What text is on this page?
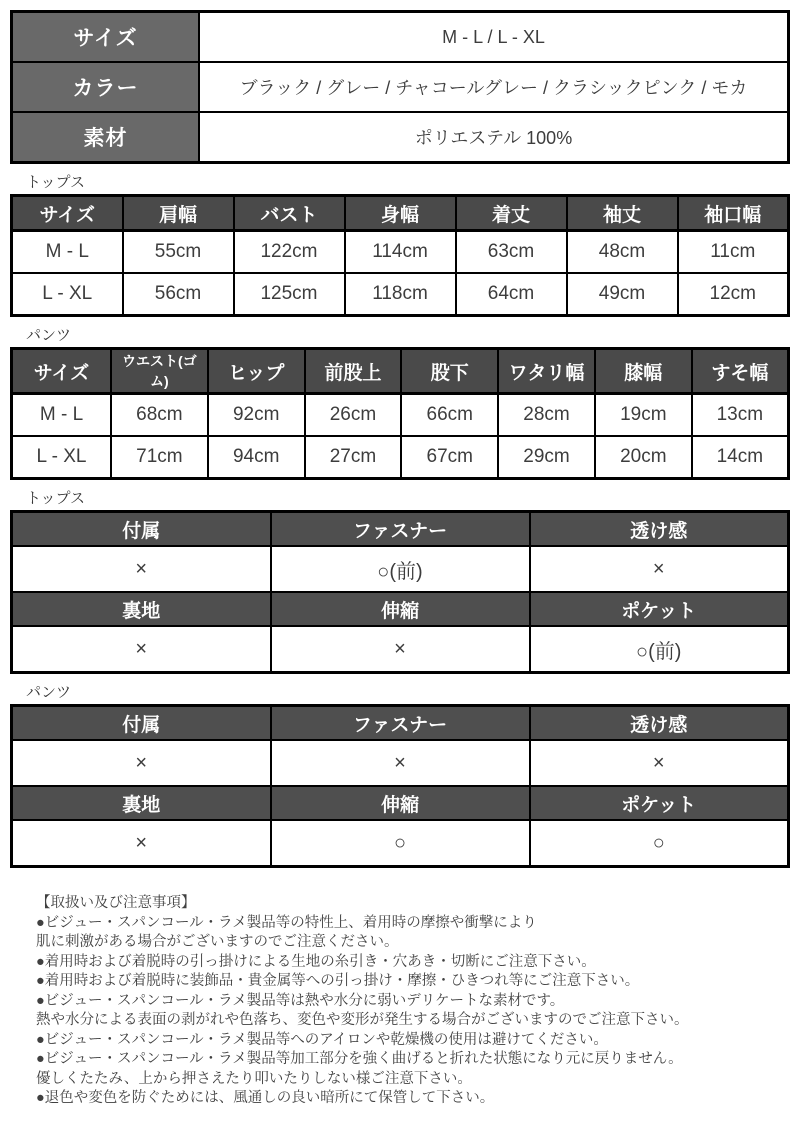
サイズ	M - L / L - XL
カラー	ブラック / グレー / チャコールグレー / クラシックピンク / モカ
素材	ポリエステル 100%
トップス
サイズ	肩幅	バスト	身幅	着丈	袖丈	袖口幅
M - L	55cm	122cm	114cm	63cm	48cm	11cm
L - XL	56cm	125cm	118cm	64cm	49cm	12cm
パンツ
サイズ	ウエスト(ゴム)	ヒップ	前股上	股下	ワタリ幅	膝幅	すそ幅
M - L	68cm	92cm	26cm	66cm	28cm	19cm	13cm
L - XL	71cm	94cm	27cm	67cm	29cm	20cm	14cm
トップス
付属	ファスナー	透け感
×	○(前)	×
裏地	伸縮	ポケット
×	×	○(前)
パンツ
付属	ファスナー	透け感
×	×	×
裏地	伸縮	ポケット
×	○	○
【取扱い及び注意事項】
●ビジュー・スパンコール・ラメ製品等の特性上、着用時の摩擦や衝撃により
肌に刺激がある場合がございますのでご注意ください。
●着用時および着脱時の引っ掛けによる生地の糸引き・穴あき・切断にご注意下さい。
●着用時および着脱時に装飾品・貴金属等への引っ掛け・摩擦・ひきつれ等にご注意下さい。
●ビジュー・スパンコール・ラメ製品等は熱や水分に弱いデリケートな素材です。
熱や水分による表面の剥がれや色落ち、変色や変形が発生する場合がございますのでご注意下さい。
●ビジュー・スパンコール・ラメ製品等へのアイロンや乾燥機の使用は避けてください。
●ビジュー・スパンコール・ラメ製品等加工部分を強く曲げると折れた状態になり元に戻りません。
優しくたたみ、上から押さえたり叩いたりしない様ご注意下さい。
●退色や変色を防ぐためには、風通しの良い暗所にて保管して下さい。
